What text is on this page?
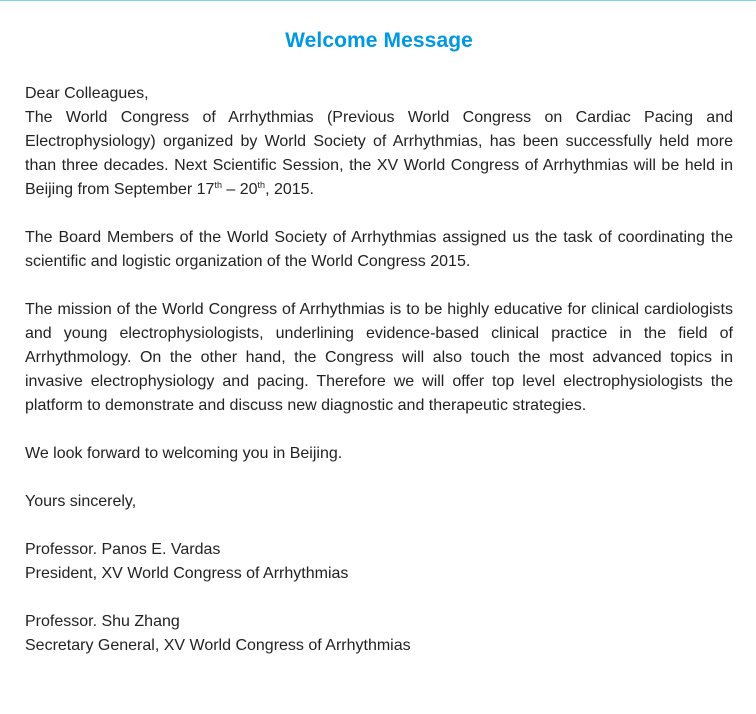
Welcome Message

Dear Colleagues,

The World Congress of Arrhythmias (Previous World Congress on Cardiac Pacing and Electrophysiology) organized by World Society of Arrhythmias, has been successfully held more than three decades. Next Scientific Session, the XV World Congress of Arrhythmias will be held in Beijing from September 17th – 20th, 2015.

The Board Members of the World Society of Arrhythmias assigned us the task of coordinating the scientific and logistic organization of the World Congress 2015.

The mission of the World Congress of Arrhythmias is to be highly educative for clinical cardiologists and young electrophysiologists, underlining evidence-based clinical practice in the field of Arrhythmology. On the other hand, the Congress will also touch the most advanced topics in invasive electrophysiology and pacing. Therefore we will offer top level electrophysiologists the platform to demonstrate and discuss new diagnostic and therapeutic strategies.

We look forward to welcoming you in Beijing.

Yours sincerely,

Professor. Panos E. Vardas
President, XV World Congress of Arrhythmias

Professor. Shu Zhang
Secretary General, XV World Congress of Arrhythmias
